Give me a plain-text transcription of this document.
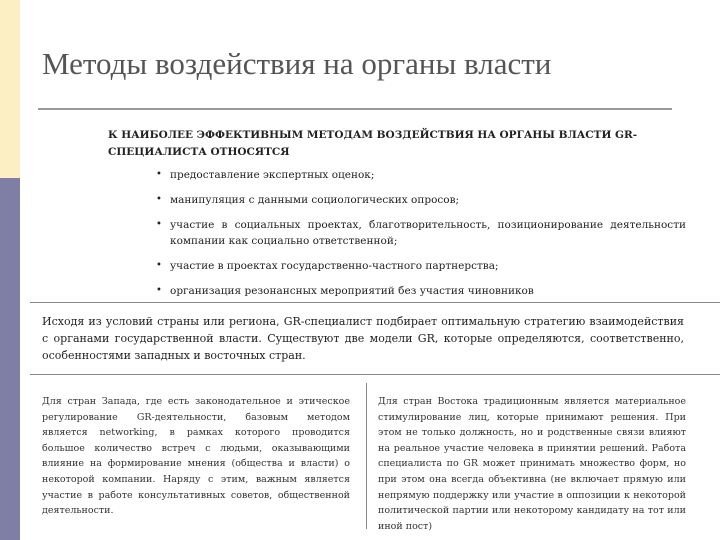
Методы воздействия на органы власти

К НАИБОЛЕЕ ЭФФЕКТИВНЫМ МЕТОДАМ ВОЗДЕЙСТВИЯ НА ОРГАНЫ ВЛАСТИ GR-СПЕЦИАЛИСТА ОТНОСЯТСЯ

• предоставление экспертных оценок;
• манипуляция с данными социологических опросов;
• участие в социальных проектах, благотворительность, позиционирование деятельности компании как социально ответственной;
• участие в проектах государственно-частного партнерства;
• организация резонансных мероприятий без участия чиновников

Исходя из условий страны или региона, GR-специалист подбирает оптимальную стратегию взаимодействия с органами государственной власти. Существуют две модели GR, которые определяются, соответственно, особенностями западных и восточных стран.

Для стран Запада, где есть законодательное и этическое регулирование GR-деятельности, базовым методом является networking, в рамках которого проводится большое количество встреч с людьми, оказывающими влияние на формирование мнения (общества и власти) о некоторой компании. Наряду с этим, важным является участие в работе консультативных советов, общественной деятельности.

Для стран Востока традиционным является материальное стимулирование лиц, которые принимают решения. При этом не только должность, но и родственные связи влияют на реальное участие человека в принятии решений. Работа специалиста по GR может принимать множество форм, но при этом она всегда объективна (не включает прямую или непрямую поддержку или участие в оппозиции к некоторой политической партии или некоторому кандидату на тот или иной пост)
